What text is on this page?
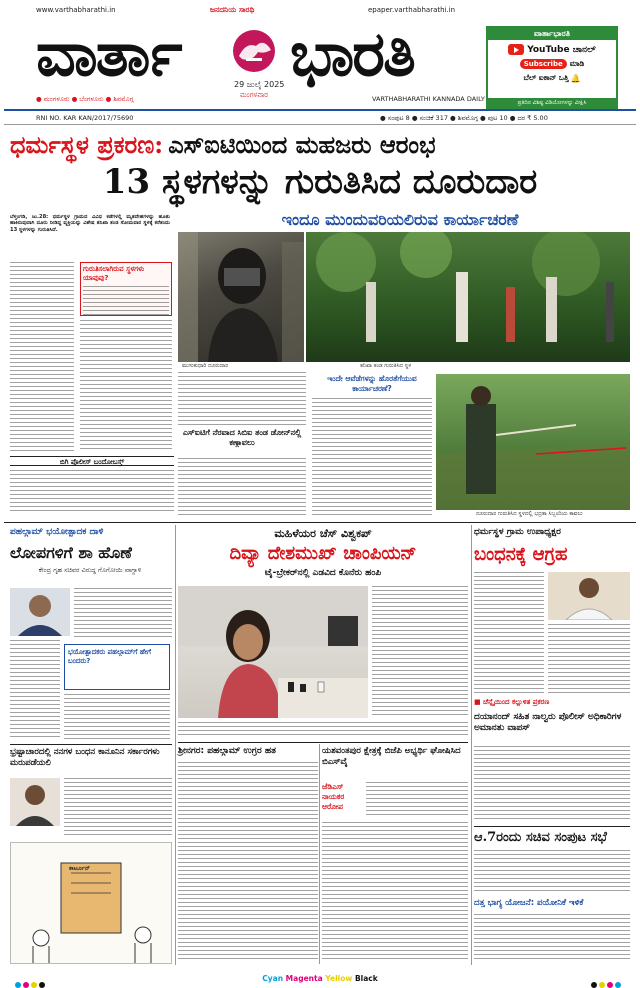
www.varthabharathi.in	epaper.varthabharathi.in
ಜನದನಿಯ ಸಾರಥಿ
ವಾರ್ತಾ	ಭಾರತಿ
29 ಜುಲೈ 2025
ಮಂಗಳವಾರ
● ಮಂಗಳೂರು ● ಬೆಂಗಳೂರು ● ಶಿವಮೊಗ್ಗ	VARTHABHARATHI KANNADA DAILY
ವಾರ್ತಾಭಾರತಿ
YouTube ಚಾನಲ್
Subscribe ಮಾಡಿ
ಬೆಲ್ ಐಕಾನ್ ಒತ್ತಿ 🔔
ಪ್ರತಿದಿನ ವಿಶಿಷ್ಟ ವಿಡಿಯೋಗಳನ್ನು ವೀಕ್ಷಿಸಿ
RNI NO. KAR KAN/2017/75690	● ಸಂಪುಟ 8 ● ಸಂಚಿಕೆ 317 ● ಶಿವಮೊಗ್ಗ ● ಪುಟ 10 ● ದರ ₹ 5.00
ಧರ್ಮಸ್ಥಳ ಪ್ರಕರಣ: ಎಸ್ಐಟಿಯಿಂದ ಮಹಜರು ಆರಂಭ
13 ಸ್ಥಳಗಳನ್ನು ಗುರುತಿಸಿದ ದೂರುದಾರ
ಇಂದೂ ಮುಂದುವರಿಯಲಿರುವ ಕಾರ್ಯಾಚರಣೆ
ಬೆಳ್ತಂಗಡಿ, ಜು.28: ಧರ್ಮಸ್ಥಳ ಗ್ರಾಮದ ವಿವಿಧ ಕಡೆಗಳಲ್ಲಿ ಮೃತದೇಹಗಳನ್ನು ಹೂತು ಹಾಕಿರುವುದಾಗಿ ದೂರು ನೀಡಿದ್ದ ವ್ಯಕ್ತಿಯನ್ನು ವಿಶೇಷ ತನಿಖಾ ತಂಡ ಸೋಮವಾರ ಸ್ಥಳಕ್ಕೆ ಕರೆತಂದು 13 ಸ್ಥಳಗಳನ್ನು ಗುರುತಿಸಿದೆ.
ಗುರುತಿಸಲಾಗಿರುವ ಸ್ಥಳಗಳು ಯಾವುವು?
ಮುಸುಕುಧಾರಿ ದೂರುದಾರ	ತನಿಖಾ ತಂಡ ಗುರುತಿಸಿದ ಸ್ಥಳ
ಎಸ್ಐಟಿಗೆ ನೆರವಾದ ಸಿಬಿಐ ತಂಡ ಡೋನ್‌ನಲ್ಲಿ ಕಣ್ಗಾವಲು
ಇಂದೇ ಆವೆಡೆಗಳನ್ನು ಹೊರತೆಗೆಯುವ ಕಾರ್ಯಾಚರಣೆ?
ದೂರುದಾರ ಗುರುತಿಸಿದ ಸ್ಥಳದಲ್ಲಿ ಭದ್ರತಾ ಸಿಬ್ಬಂದಿಯ ಕಾವಲು
ಬಿಗಿ ಪೊಲೀಸ್ ಬಂದೋಬಸ್ತ್
ಪಹಲ್ಗಾಮ್ ಭಯೋತ್ಪಾದಕ ದಾಳಿ
ಲೋಪಗಳಿಗೆ ಶಾ ಹೊಣೆ
ಕೇಂದ್ರ ಗೃಹ ಸಚಿವರ ವಿರುದ್ಧ ಗೊಗೋಯಿ ವಾಗ್ದಾಳಿ
ಭಯೋತ್ಪಾದಕರು ಪಹಲ್ಗಾಮ್‌ಗೆ ಹೇಗೆ ಬಂದರು?
ಭ್ರಷ್ಟಾಚಾರದಲ್ಲಿ ನನಗಳ ಬಂಧನ ಕಾನೂನಿನ ಸರ್ಕಾರಗಳು ಮರುಪಡೆಯಲಿ
ಕಾರ್ಟೂನ್
ಮಹಿಳೆಯರ ಚೆಸ್ ವಿಶ್ವಕಪ್
ದಿವ್ಯಾ ದೇಶಮುಖ್ ಚಾಂಪಿಯನ್
ಟೈ-ಬ್ರೇಕರ್‌ನಲ್ಲಿ ಎಡವಿದ ಕೊನೆರು ಹಂಪಿ
ಶ್ರೀನಗರ: ಪಹಲ್ಗಾಮ್ ಉಗ್ರರ ಹತ	ಯಶವಂತಪುರ ಕ್ಷೇತ್ರಕ್ಕೆ ಬಿಜೆಪಿ ಅಭ್ಯರ್ಥಿ ಘೋಷಿಸಿದ ಬಿಎಸ್‌ವೈ
ಜೆಡಿಎಸ್ ನಾಯಕರ ಆರೋಪ
ಧರ್ಮಸ್ಥಳ ಗ್ರಾಮ ಉಪಾಧ್ಯಕ್ಷರ
ಬಂಧನಕ್ಕೆ ಆಗ್ರಹ
■ ಚೆನ್ನೈಯಿಂದ ಕಲ್ಲುಳಿತ ಪ್ರಕರಣ
ದಯಾನಂದ್ ಸಹಿತ ನಾಲ್ವರು ಪೊಲೀಸ್ ಅಧಿಕಾರಿಗಳ ಅಮಾನತು ವಾಪಸ್
ಆ.7ರಂದು ಸಚಿವ ಸಂಪುಟ ಸಭೆ
ದತ್ತ ಭಾಗ್ಯ ಯೋಜನೆ: ಪಯೋನಿಕೆ ಇಳಿಕೆ
Cyan Magenta Yellow Black
